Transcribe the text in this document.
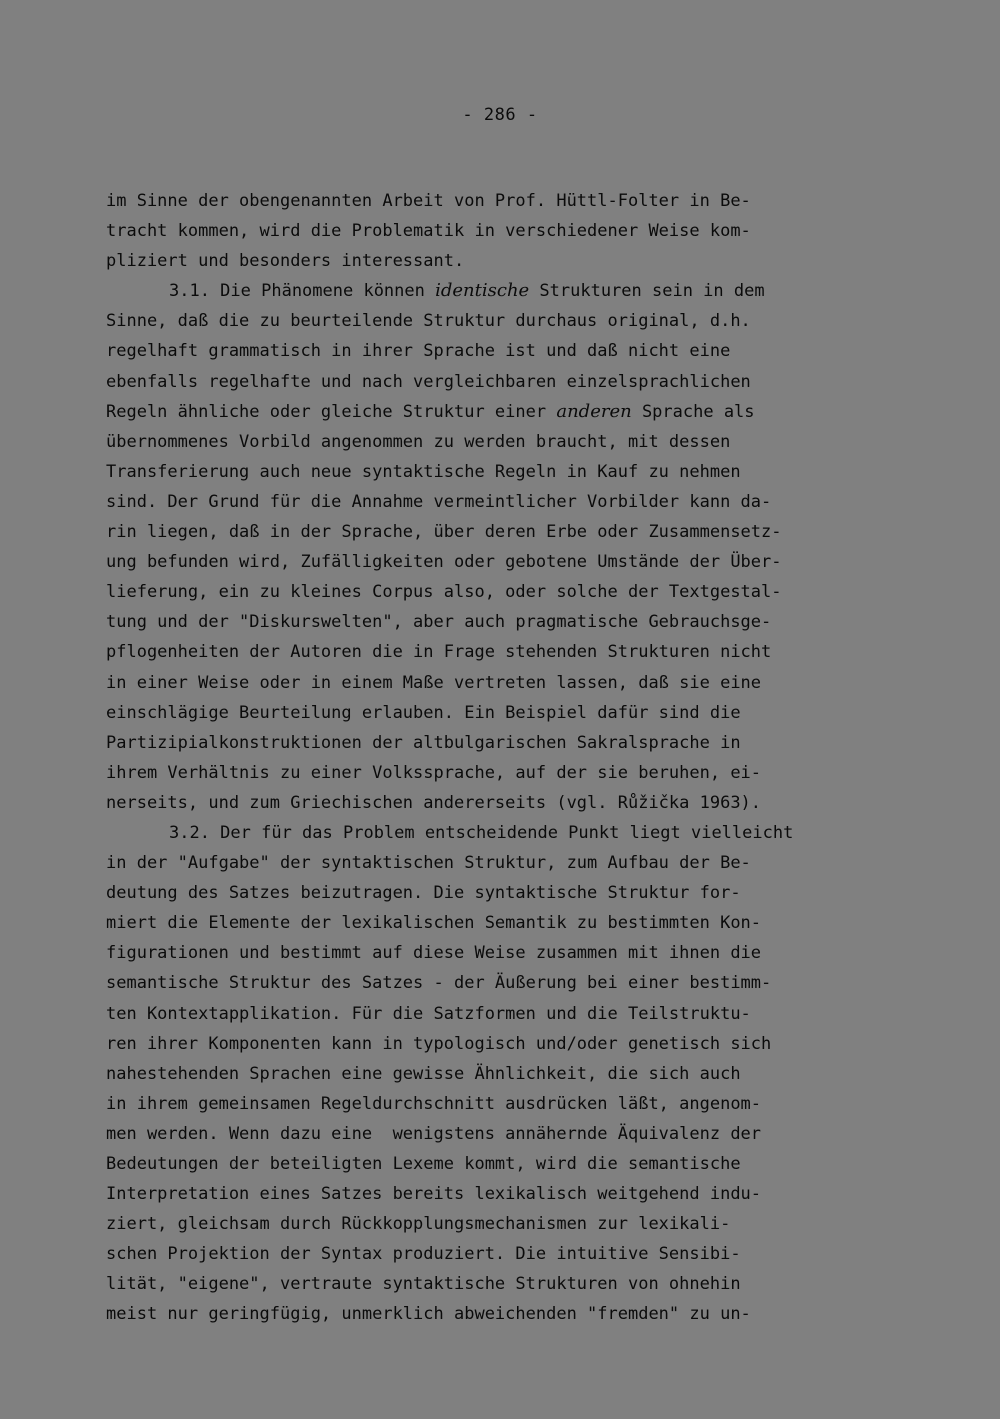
- 286 -
im Sinne der obengenannten Arbeit von Prof. Hüttl-Folter in Be-
tracht kommen, wird die Problematik in verschiedener Weise kom-
pliziert und besonders interessant.
3.1. Die Phänomene können identische Strukturen sein in dem
Sinne, daß die zu beurteilende Struktur durchaus original, d.h.
regelhaft grammatisch in ihrer Sprache ist und daß nicht eine
ebenfalls regelhafte und nach vergleichbaren einzelsprachlichen
Regeln ähnliche oder gleiche Struktur einer anderen Sprache als
übernommenes Vorbild angenommen zu werden braucht, mit dessen
Transferierung auch neue syntaktische Regeln in Kauf zu nehmen
sind. Der Grund für die Annahme vermeintlicher Vorbilder kann da-
rin liegen, daß in der Sprache, über deren Erbe oder Zusammensetz-
ung befunden wird, Zufälligkeiten oder gebotene Umstände der Über-
lieferung, ein zu kleines Corpus also, oder solche der Textgestal-
tung und der "Diskurswelten", aber auch pragmatische Gebrauchsge-
pflogenheiten der Autoren die in Frage stehenden Strukturen nicht
in einer Weise oder in einem Maße vertreten lassen, daß sie eine
einschlägige Beurteilung erlauben. Ein Beispiel dafür sind die
Partizipialkonstruktionen der altbulgarischen Sakralsprache in
ihrem Verhältnis zu einer Volkssprache, auf der sie beruhen, ei-
nerseits, und zum Griechischen andererseits (vgl. Růžička 1963).
3.2. Der für das Problem entscheidende Punkt liegt vielleicht
in der "Aufgabe" der syntaktischen Struktur, zum Aufbau der Be-
deutung des Satzes beizutragen. Die syntaktische Struktur for-
miert die Elemente der lexikalischen Semantik zu bestimmten Kon-
figurationen und bestimmt auf diese Weise zusammen mit ihnen die
semantische Struktur des Satzes - der Äußerung bei einer bestimm-
ten Kontextapplikation. Für die Satzformen und die Teilstruktu-
ren ihrer Komponenten kann in typologisch und/oder genetisch sich
nahestehenden Sprachen eine gewisse Ähnlichkeit, die sich auch
in ihrem gemeinsamen Regeldurchschnitt ausdrücken läßt, angenom-
men werden. Wenn dazu eine  wenigstens annähernde Äquivalenz der
Bedeutungen der beteiligten Lexeme kommt, wird die semantische
Interpretation eines Satzes bereits lexikalisch weitgehend indu-
ziert, gleichsam durch Rückkopplungsmechanismen zur lexikali-
schen Projektion der Syntax produziert. Die intuitive Sensibi-
lität, "eigene", vertraute syntaktische Strukturen von ohnehin
meist nur geringfügig, unmerklich abweichenden "fremden" zu un-
